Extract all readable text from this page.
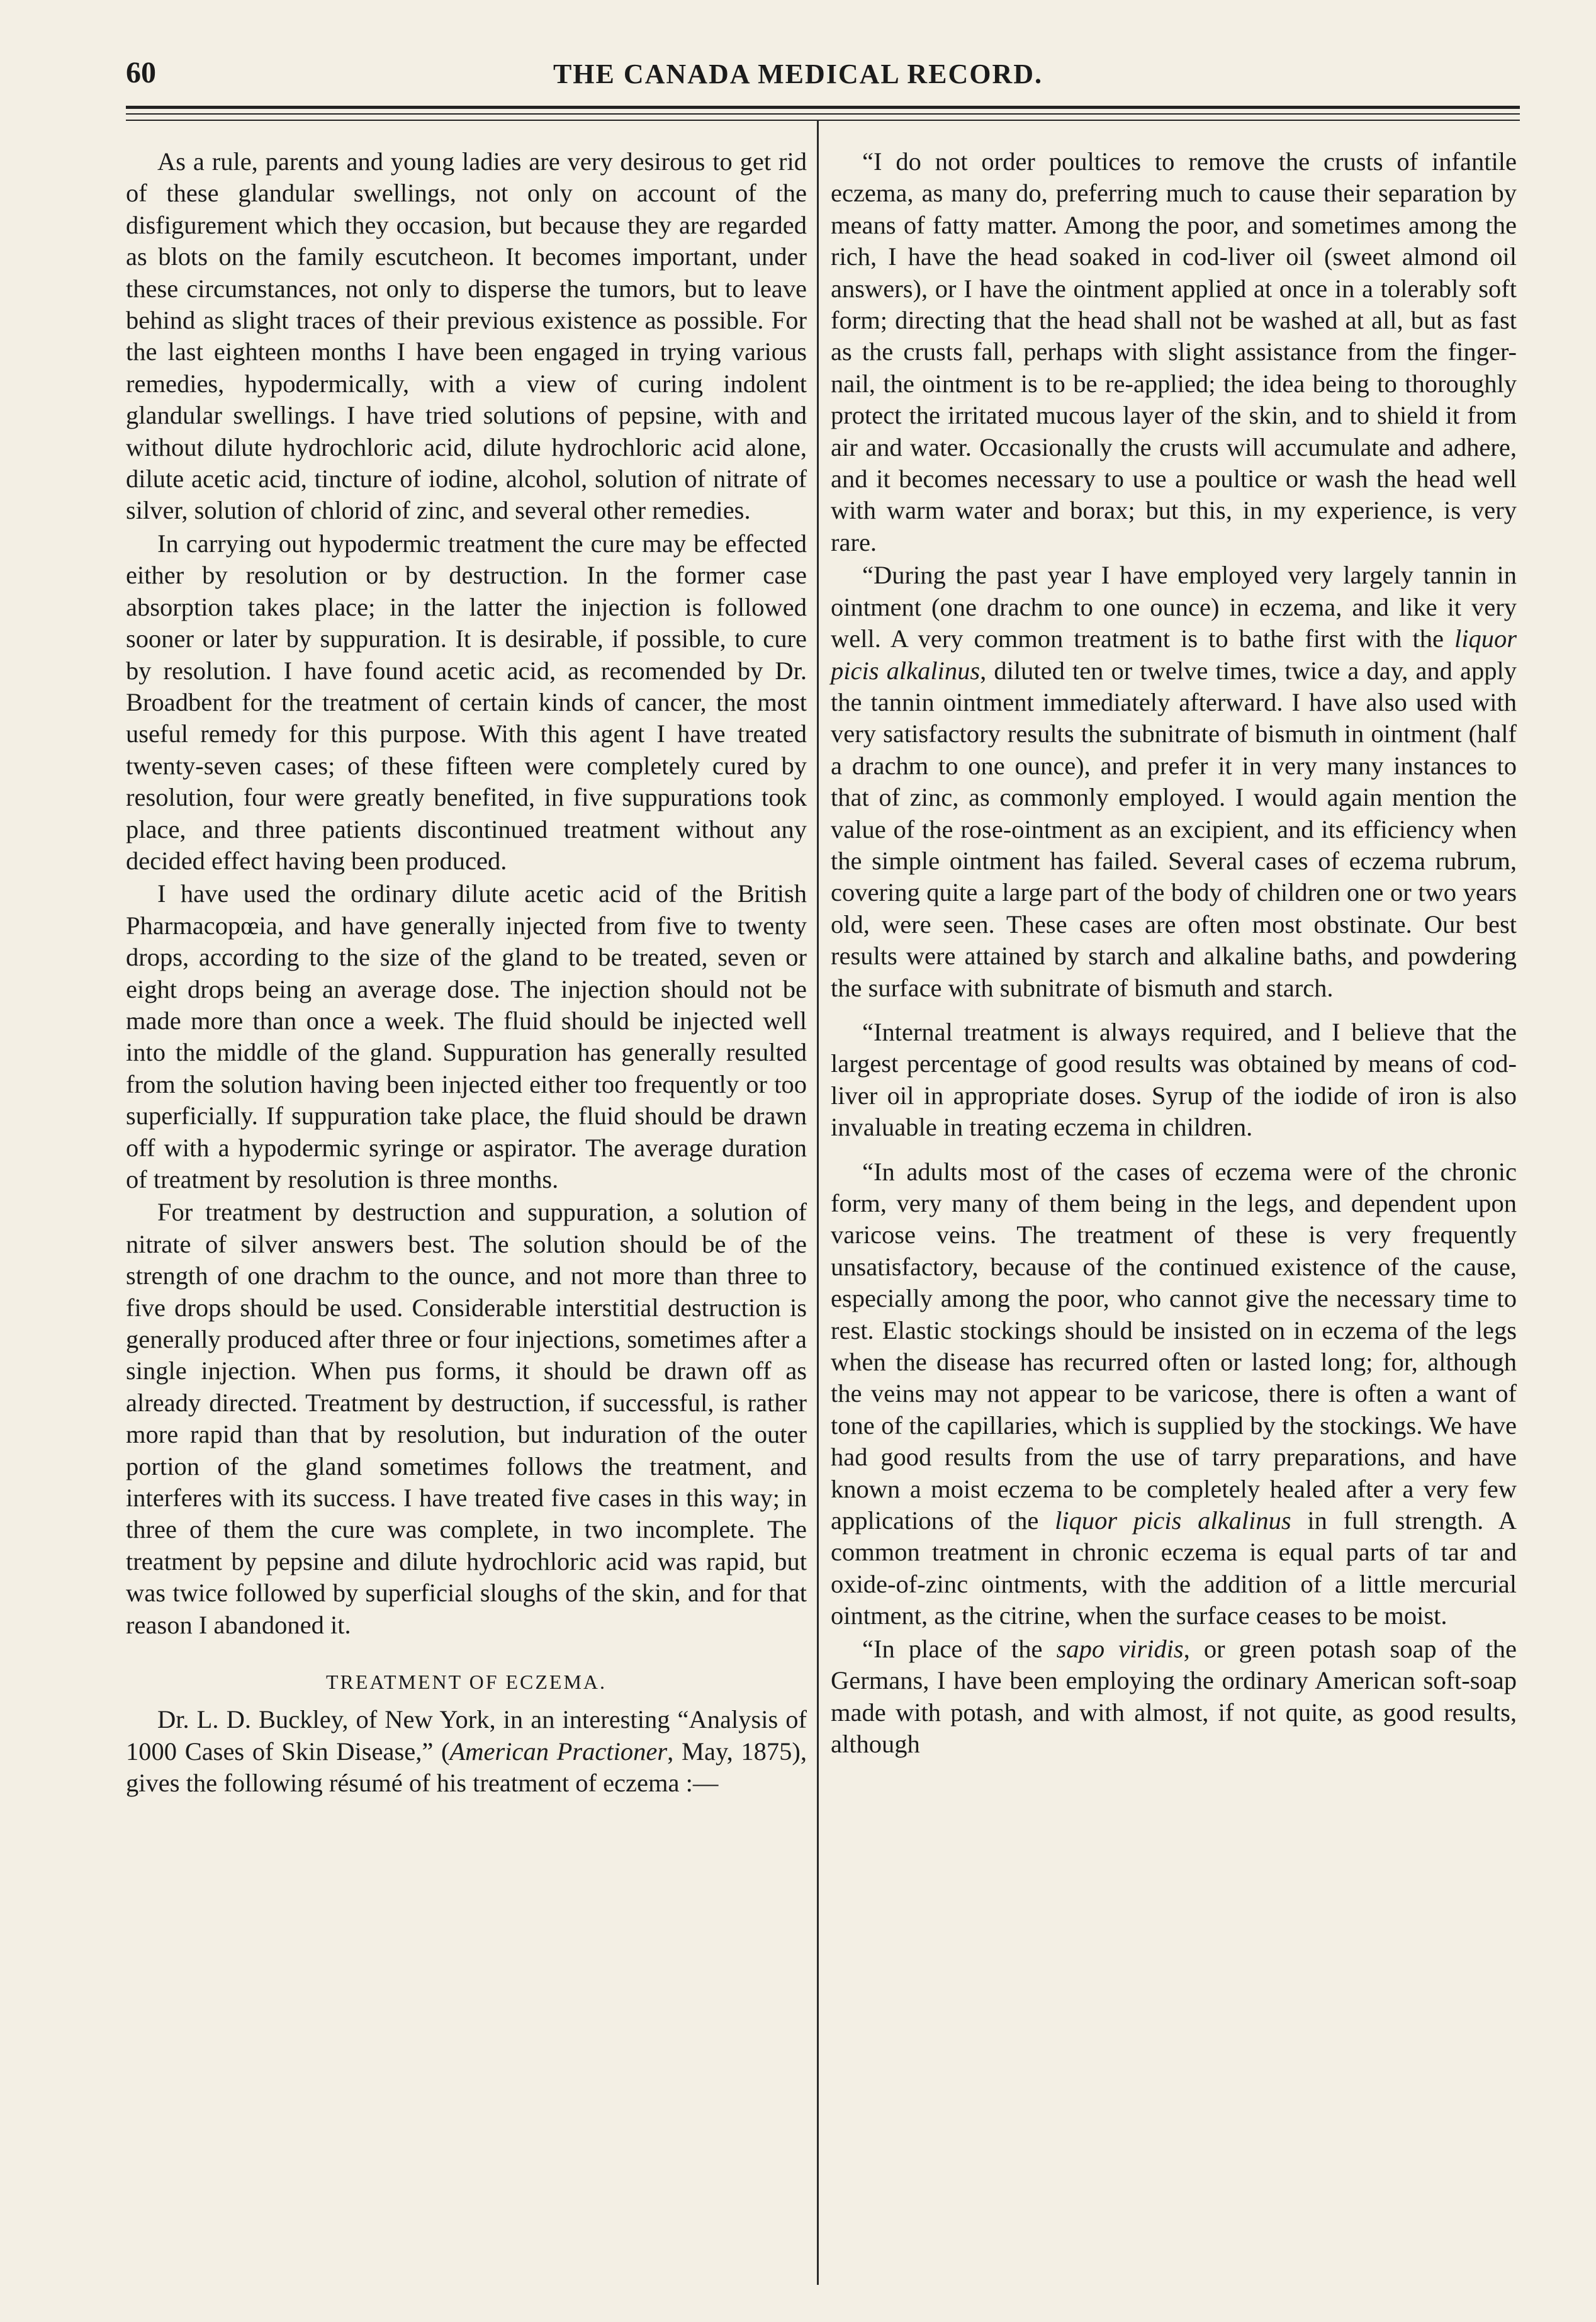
60	THE CANADA MEDICAL RECORD.

As a rule, parents and young ladies are very desirous to get rid of these glandular swellings, not only on account of the disfigurement which they occasion, but because they are regarded as blots on the family escutcheon. It becomes important, under these circumstances, not only to disperse the tumors, but to leave behind as slight traces of their previous existence as possible. For the last eighteen months I have been engaged in trying various remedies, hypodermically, with a view of curing indolent glandular swellings. I have tried solutions of pepsine, with and without dilute hydrochloric acid, dilute hydrochloric acid alone, dilute acetic acid, tincture of iodine, alcohol, solution of nitrate of silver, solution of chlorid of zinc, and several other remedies.

In carrying out hypodermic treatment the cure may be effected either by resolution or by destruction. In the former case absorption takes place; in the latter the injection is followed sooner or later by suppuration. It is desirable, if possible, to cure by resolution. I have found acetic acid, as recomended by Dr. Broadbent for the treatment of certain kinds of cancer, the most useful remedy for this purpose. With this agent I have treated twenty-seven cases; of these fifteen were completely cured by resolution, four were greatly benefited, in five suppurations took place, and three patients discontinued treatment without any decided effect having been produced.

I have used the ordinary dilute acetic acid of the British Pharmacopœia, and have generally injected from five to twenty drops, according to the size of the gland to be treated, seven or eight drops being an average dose. The injection should not be made more than once a week. The fluid should be injected well into the middle of the gland. Suppuration has generally resulted from the solution having been injected either too frequently or too superficially. If suppuration take place, the fluid should be drawn off with a hypodermic syringe or aspirator. The average duration of treatment by resolution is three months.

For treatment by destruction and suppuration, a solution of nitrate of silver answers best. The solution should be of the strength of one drachm to the ounce, and not more than three to five drops should be used. Considerable interstitial destruction is generally produced after three or four injections, sometimes after a single injection. When pus forms, it should be drawn off as already directed. Treatment by destruction, if successful, is rather more rapid than that by resolution, but induration of the outer portion of the gland sometimes follows the treatment, and interferes with its success. I have treated five cases in this way; in three of them the cure was complete, in two incomplete. The treatment by pepsine and dilute hydrochloric acid was rapid, but was twice followed by superficial sloughs of the skin, and for that reason I abandoned it.

TREATMENT OF ECZEMA.

Dr. L. D. Buckley, of New York, in an interesting “Analysis of 1000 Cases of Skin Disease,” (American Practioner, May, 1875), gives the following résumé of his treatment of eczema :—

“I do not order poultices to remove the crusts of infantile eczema, as many do, preferring much to cause their separation by means of fatty matter. Among the poor, and sometimes among the rich, I have the head soaked in cod-liver oil (sweet almond oil answers), or I have the ointment applied at once in a tolerably soft form; directing that the head shall not be washed at all, but as fast as the crusts fall, perhaps with slight assistance from the finger-nail, the ointment is to be re-applied; the idea being to thoroughly protect the irritated mucous layer of the skin, and to shield it from air and water. Occasionally the crusts will accumulate and adhere, and it becomes necessary to use a poultice or wash the head well with warm water and borax; but this, in my experience, is very rare.

“During the past year I have employed very largely tannin in ointment (one drachm to one ounce) in eczema, and like it very well. A very common treatment is to bathe first with the liquor picis alkalinus, diluted ten or twelve times, twice a day, and apply the tannin ointment immediately afterward. I have also used with very satisfactory results the subnitrate of bismuth in ointment (half a drachm to one ounce), and prefer it in very many instances to that of zinc, as commonly employed. I would again mention the value of the rose-ointment as an excipient, and its efficiency when the simple ointment has failed. Several cases of eczema rubrum, covering quite a large part of the body of children one or two years old, were seen. These cases are often most obstinate. Our best results were attained by starch and alkaline baths, and powdering the surface with subnitrate of bismuth and starch.

“Internal treatment is always required, and I believe that the largest percentage of good results was obtained by means of cod-liver oil in appropriate doses. Syrup of the iodide of iron is also invaluable in treating eczema in children.

“In adults most of the cases of eczema were of the chronic form, very many of them being in the legs, and dependent upon varicose veins. The treatment of these is very frequently unsatisfactory, because of the continued existence of the cause, especially among the poor, who cannot give the necessary time to rest. Elastic stockings should be insisted on in eczema of the legs when the disease has recurred often or lasted long; for, although the veins may not appear to be varicose, there is often a want of tone of the capillaries, which is supplied by the stockings. We have had good results from the use of tarry preparations, and have known a moist eczema to be completely healed after a very few applications of the liquor picis alkalinus in full strength. A common treatment in chronic eczema is equal parts of tar and oxide-of-zinc ointments, with the addition of a little mercurial ointment, as the citrine, when the surface ceases to be moist.

“In place of the sapo viridis, or green potash soap of the Germans, I have been employing the ordinary American soft-soap made with potash, and with almost, if not quite, as good results, although
